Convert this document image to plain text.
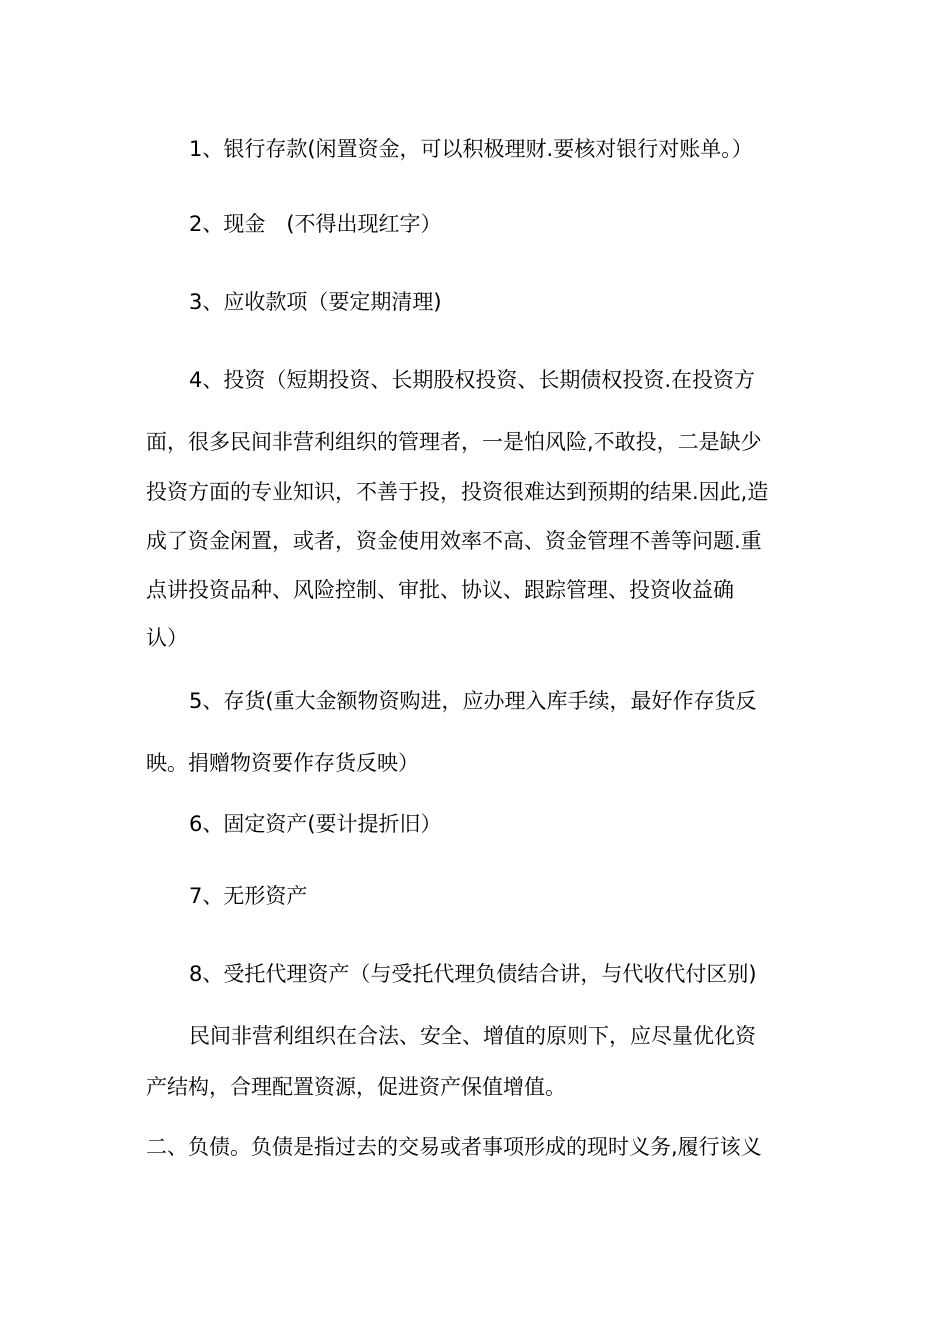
1、银行存款(闲置资金，可以积极理财.要核对银行对账单。）
2、现金　(不得出现红字）
3、应收款项（要定期清理)
4、投资（短期投资、长期股权投资、长期债权投资.在投资方
面，很多民间非营利组织的管理者，一是怕风险,不敢投，二是缺少
投资方面的专业知识，不善于投，投资很难达到预期的结果.因此,造
成了资金闲置，或者，资金使用效率不高、资金管理不善等问题.重
点讲投资品种、风险控制、审批、协议、跟踪管理、投资收益确
认）
5、存货(重大金额物资购进，应办理入库手续，最好作存货反
映。捐赠物资要作存货反映）
6、固定资产(要计提折旧）
7、无形资产
8、受托代理资产（与受托代理负债结合讲，与代收代付区别)
民间非营利组织在合法、安全、增值的原则下，应尽量优化资
产结构，合理配置资源，促进资产保值增值。
二、负债。负债是指过去的交易或者事项形成的现时义务,履行该义
